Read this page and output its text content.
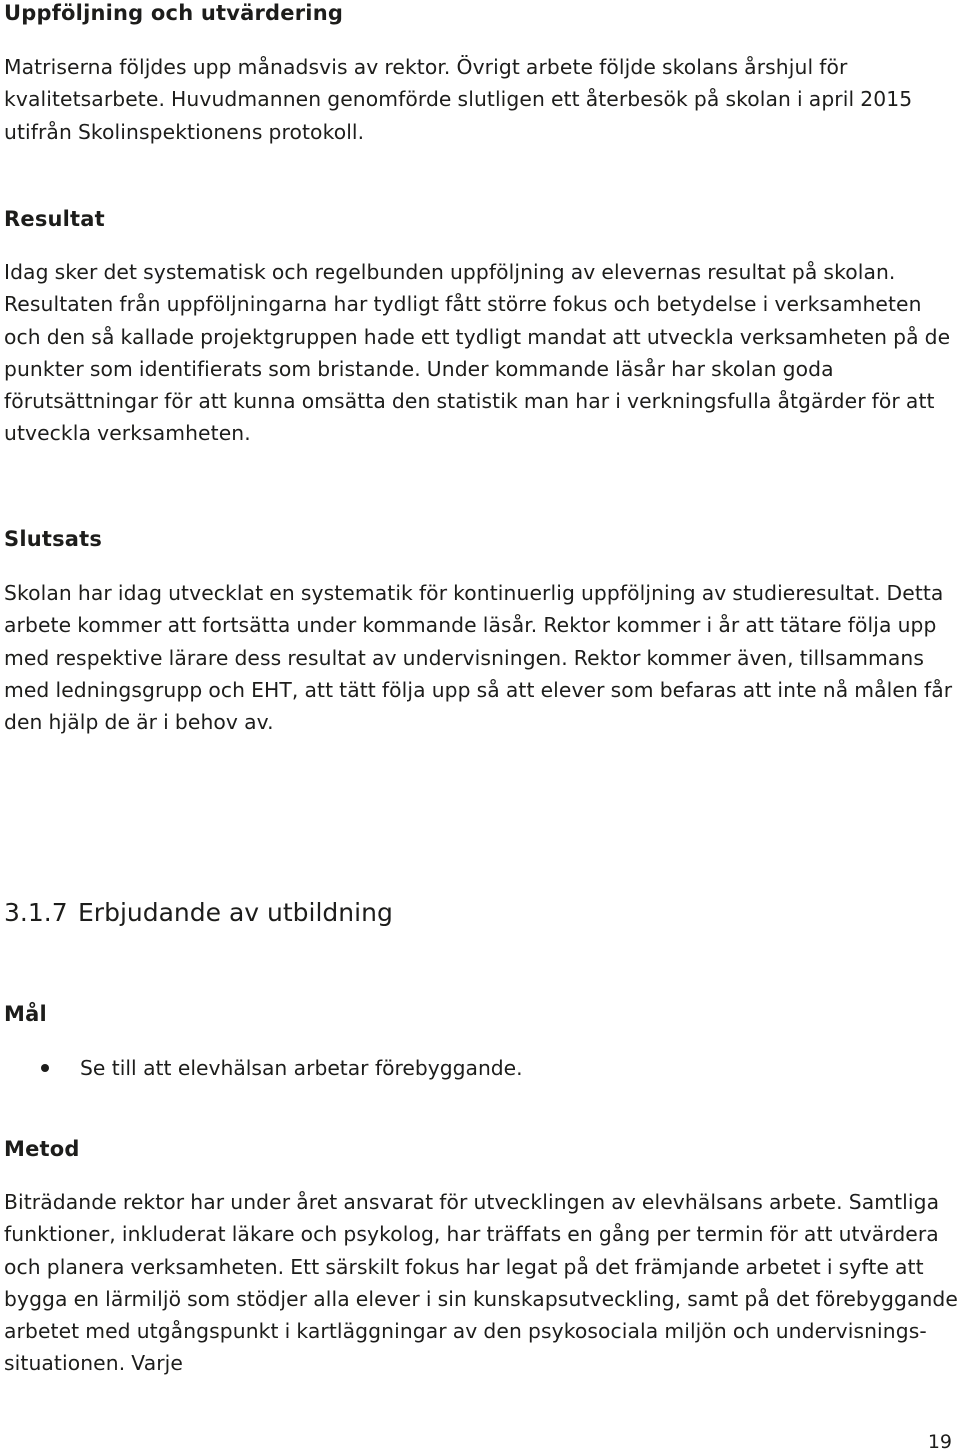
Uppföljning och utvärdering

Matriserna följdes upp månadsvis av rektor. Övrigt arbete följde skolans årshjul för kvalitetsarbete. Huvudmannen genomförde slutligen ett återbesök på skolan i april 2015 utifrån Skolinspektionens protokoll.

Resultat

Idag sker det systematisk och regelbunden uppföljning av elevernas resultat på skolan. Resultaten från uppföljningarna har tydligt fått större fokus och betydelse i verksamheten och den så kallade projektgruppen hade ett tydligt mandat att utveckla verksamheten på de punkter som identifierats som bristande. Under kommande läsår har skolan goda förutsättningar för att kunna omsätta den statistik man har i verkningsfulla åtgärder för att utveckla verksamheten.

Slutsats

Skolan har idag utvecklat en systematik för kontinuerlig uppföljning av studieresultat. Detta arbete kommer att fortsätta under kommande läsår. Rektor kommer i år att tätare följa upp med respektive lärare dess resultat av undervisningen. Rektor kommer även, tillsammans med ledningsgrupp och EHT, att tätt följa upp så att elever som befaras att inte nå målen får den hjälp de är i behov av.

3.1.7 Erbjudande av utbildning
Mål
Se till att elevhälsan arbetar förebyggande.
Metod

Biträdande rektor har under året ansvarat för utvecklingen av elevhälsans arbete. Samtliga funktioner, inkluderat läkare och psykolog, har träffats en gång per termin för att utvärdera och planera verksamheten. Ett särskilt fokus har legat på det främjande arbetet i syfte att bygga en lärmiljö som stödjer alla elever i sin kunskapsutveckling, samt på det förebyggande arbetet med utgångspunkt i kartläggningar av den psykosociala miljön och undervisnings- situationen. Varje

19
